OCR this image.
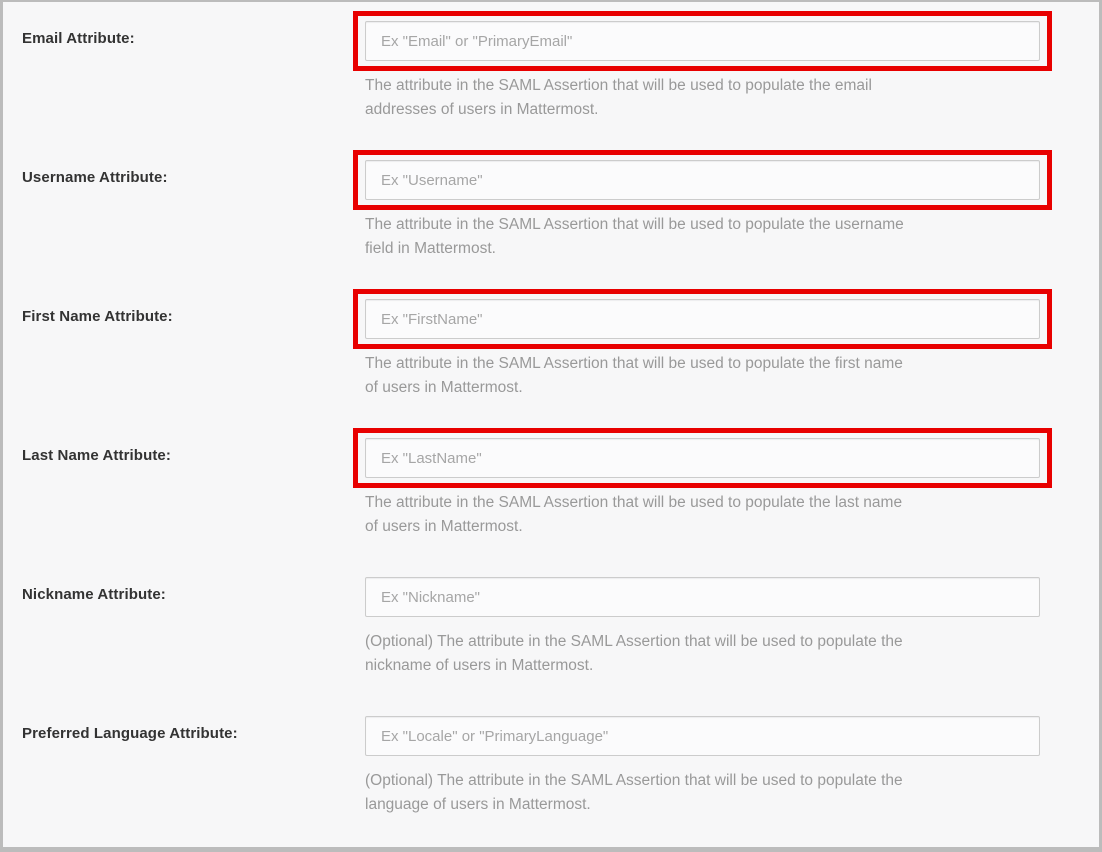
Email Attribute:
Ex "Email" or "PrimaryEmail"
The attribute in the SAML Assertion that will be used to populate the email
addresses of users in Mattermost.
Username Attribute:
Ex "Username"
The attribute in the SAML Assertion that will be used to populate the username
field in Mattermost.
First Name Attribute:
Ex "FirstName"
The attribute in the SAML Assertion that will be used to populate the first name
of users in Mattermost.
Last Name Attribute:
Ex "LastName"
The attribute in the SAML Assertion that will be used to populate the last name
of users in Mattermost.
Nickname Attribute:
Ex "Nickname"
(Optional) The attribute in the SAML Assertion that will be used to populate the
nickname of users in Mattermost.
Preferred Language Attribute:
Ex "Locale" or "PrimaryLanguage"
(Optional) The attribute in the SAML Assertion that will be used to populate the
language of users in Mattermost.
